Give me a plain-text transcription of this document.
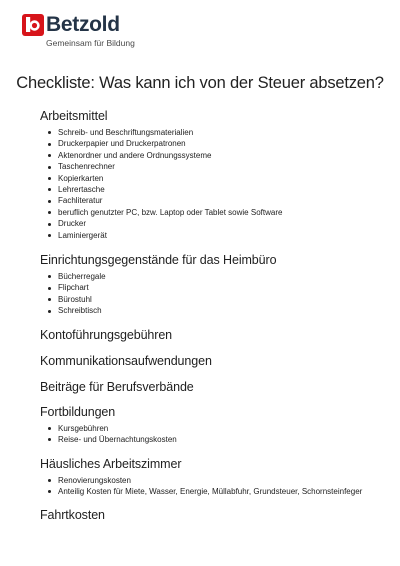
Betzold
Gemeinsam für Bildung
Checkliste: Was kann ich von der Steuer absetzen?
Arbeitsmittel
Schreib- und Beschriftungsmaterialien
Druckerpapier und Druckerpatronen
Aktenordner und andere Ordnungssysteme
Taschenrechner
Kopierkarten
Lehrertasche
Fachliteratur
beruflich genutzter PC, bzw. Laptop oder Tablet sowie Software
Drucker
Laminiergerät
Einrichtungsgegenstände für das Heimbüro
Bücherregale
Flipchart
Bürostuhl
Schreibtisch
Kontoführungsgebühren
Kommunikationsaufwendungen
Beiträge für Berufsverbände
Fortbildungen
Kursgebühren
Reise- und Übernachtungskosten
Häusliches Arbeitszimmer
Renovierungskosten
Anteilig Kosten für Miete, Wasser, Energie, Müllabfuhr, Grundsteuer, Schornsteinfeger
Fahrtkosten
